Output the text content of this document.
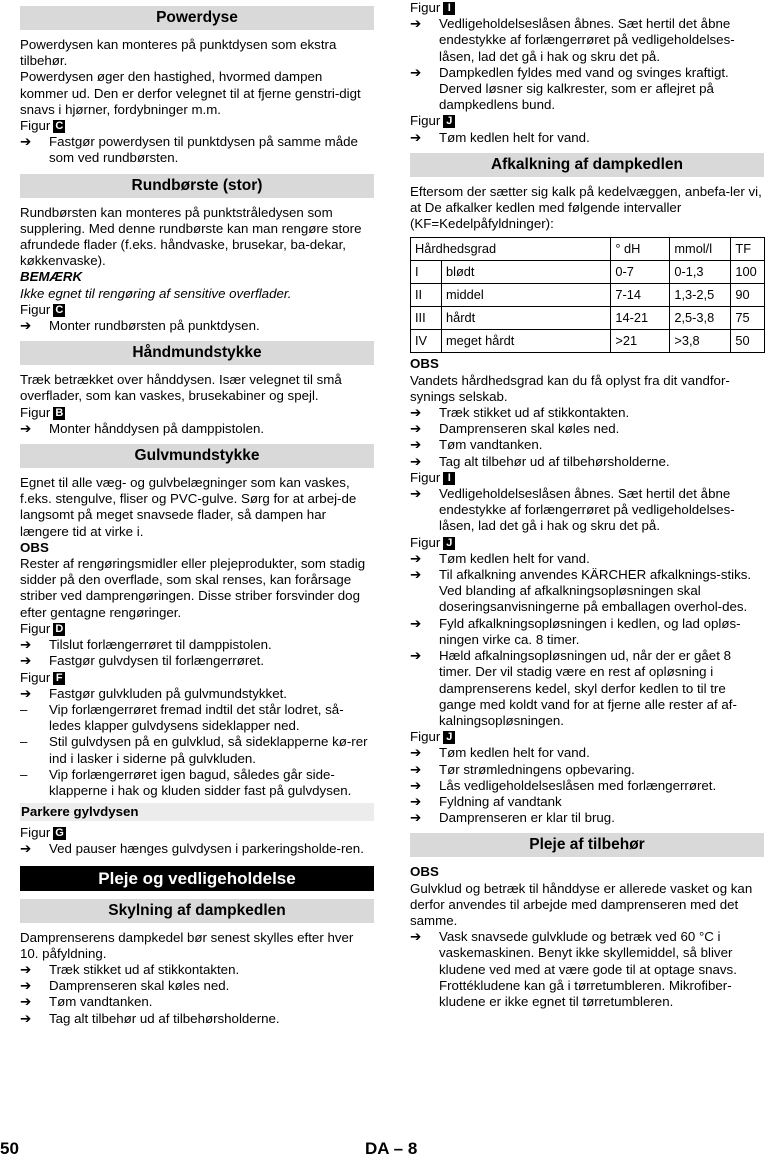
Powerdyse

Powerdysen kan monteres på punktdysen som ekstra tilbehør.

Powerdysen øger den hastighed, hvormed dampen kommer ud. Den er derfor velegnet til at fjerne genstri-digt snavs i hjørner, fordybninger m.m.

Figur C

➔	Fastgør powerdysen til punktdysen på samme måde som ved rundbørsten.
Rundbørste (stor)

Rundbørsten kan monteres på punktstråledysen som supplering. Med denne rundbørste kan man rengøre store afrundede flader (f.eks. håndvaske, brusekar, ba-dekar, køkkenvaske).

BEMÆRK

Ikke egnet til rengøring af sensitive overflader.

Figur C

➔	Monter rundbørsten på punktdysen.
Håndmundstykke

Træk betrækket over hånddysen. Især velegnet til små overflader, som kan vaskes, brusekabiner og spejl.

Figur B

➔	Monter hånddysen på damppistolen.
Gulvmundstykke

Egnet til alle væg- og gulvbelægninger som kan vaskes, f.eks. stengulve, fliser og PVC-gulve. Sørg for at arbej-de langsomt på meget snavsede flader, så dampen har længere tid at virke i.

OBS

Rester af rengøringsmidler eller plejeprodukter, som stadig sidder på den overflade, som skal renses, kan forårsage striber ved damprengøringen. Disse striber forsvinder dog efter gentagne rengøringer.

Figur D

➔	Tilslut forlængerrøret til damppistolen.
➔	Fastgør gulvdysen til forlængerrøret.

Figur F

➔	Fastgør gulvkluden på gulvmundstykket.
–	Vip forlængerrøret fremad indtil det står lodret, så-ledes klapper gulvdysens sideklapper ned.
–	Stil gulvdysen på en gulvklud, så sideklapperne kø-rer ind i lasker i siderne på gulvkluden.
–	Vip forlængerrøret igen bagud, således går side-klapperne i hak og kluden sidder fast på gulvdysen.
Parkere gylvdysen

Figur G

➔	Ved pauser hænges gulvdysen i parkeringsholde-ren.
Pleje og vedligeholdelse
Skylning af dampkedlen

Damprenserens dampkedel bør senest skylles efter hver 10. påfyldning.

➔	Træk stikket ud af stikkontakten.
➔	Damprenseren skal køles ned.
➔	Tøm vandtanken.
➔	Tag alt tilbehør ud af tilbehørsholderne.

Figur I

➔	Vedligeholdelseslåsen åbnes. Sæt hertil det åbne endestykke af forlængerrøret på vedligeholdelses-låsen, lad det gå i hak og skru det på.
➔	Dampkedlen fyldes med vand og svinges kraftigt. Derved løsner sig kalkrester, som er aflejret på dampkedlens bund.

Figur J

➔	Tøm kedlen helt for vand.
Afkalkning af dampkedlen

Eftersom der sætter sig kalk på kedelvæggen, anbefa-ler vi, at De afkalker kedlen med følgende intervaller (KF=Kedelpåfyldninger):

Hårdhedsgrad		° dH	mmol/l	TF
I	blødt	0-7	0-1,3	100
II	middel	7-14	1,3-2,5	90
III	hårdt	14-21	2,5-3,8	75
IV	meget hårdt	>21	>3,8	50

OBS

Vandets hårdhedsgrad kan du få oplyst fra dit vandfor-synings selskab.

➔	Træk stikket ud af stikkontakten.
➔	Damprenseren skal køles ned.
➔	Tøm vandtanken.
➔	Tag alt tilbehør ud af tilbehørsholderne.

Figur I

➔	Vedligeholdelseslåsen åbnes. Sæt hertil det åbne endestykke af forlængerrøret på vedligeholdelses-låsen, lad det gå i hak og skru det på.

Figur J

➔	Tøm kedlen helt for vand.
➔	Til afkalkning anvendes KÄRCHER afkalknings-stiks. Ved blanding af afkalkningsopløsningen skal doseringsanvisningerne på emballagen overhol-des.
➔	Fyld afkalkningsopløsningen i kedlen, og lad opløs-ningen virke ca. 8 timer.
➔	Hæld afkalningsopløsningen ud, når der er gået 8 timer. Der vil stadig være en rest af opløsning i damprenserens kedel, skyl derfor kedlen to til tre gange med koldt vand for at fjerne alle rester af af-kalningsopløsningen.

Figur J

➔	Tøm kedlen helt for vand.
➔	Tør strømledningens opbevaring.
➔	Lås vedligeholdelseslåsen med forlængerrøret.
➔	Fyldning af vandtank
➔	Damprenseren er klar til brug.
Pleje af tilbehør

OBS

Gulvklud og betræk til hånddyse er allerede vasket og kan derfor anvendes til arbejde med damprenseren med det samme.

➔	Vask snavsede gulvklude og betræk ved 60 °C i vaskemaskinen. Benyt ikke skyllemiddel, så bliver kludene ved med at være gode til at optage snavs. Frottékludene kan gå i tørretumbleren. Mikrofiber-kludene er ikke egnet til tørretumbleren.
50	DA – 8
